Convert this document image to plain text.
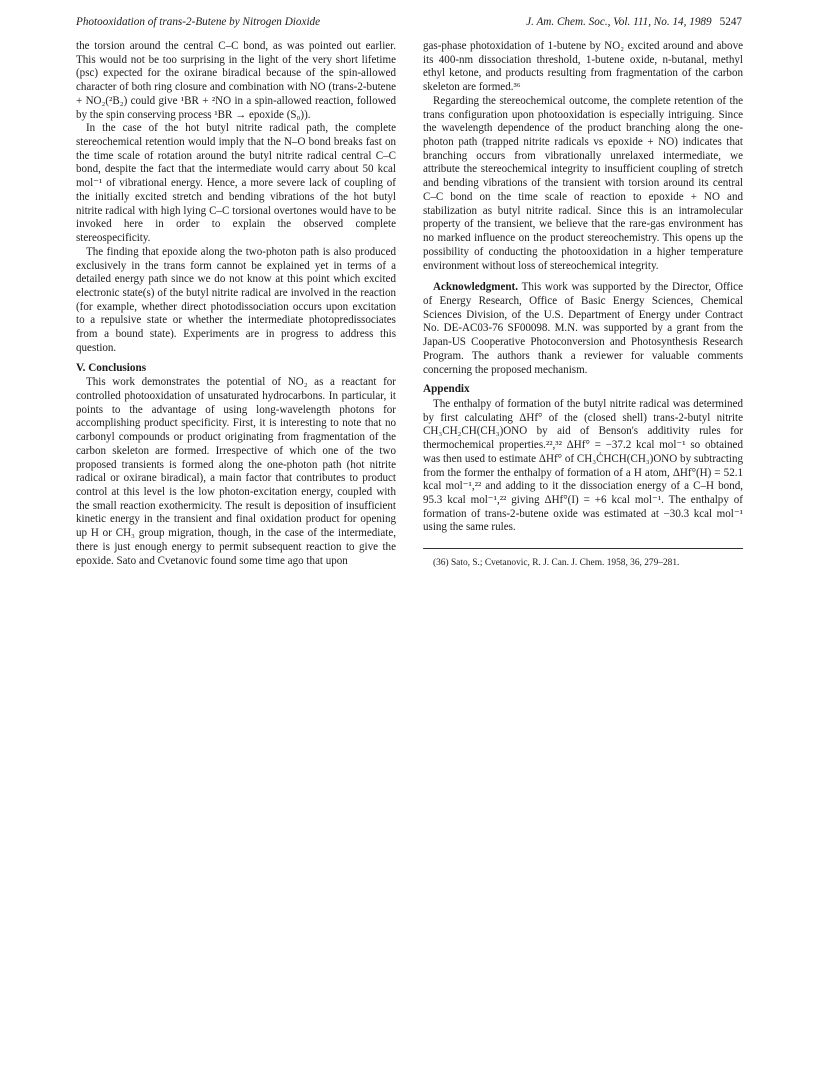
Photooxidation of trans-2-Butene by Nitrogen Dioxide	J. Am. Chem. Soc., Vol. 111, No. 14, 1989 5247

the torsion around the central C–C bond, as was pointed out earlier. This would not be too surprising in the light of the very short lifetime (psc) expected for the oxirane biradical because of the spin-allowed character of both ring closure and combination with NO (trans-2-butene + NO₂(²B₂) could give ¹BR + ²NO in a spin-allowed reaction, followed by the spin conserving process ¹BR → epoxide (S₀)).

In the case of the hot butyl nitrite radical path, the complete stereochemical retention would imply that the N–O bond breaks fast on the time scale of rotation around the butyl nitrite radical central C–C bond, despite the fact that the intermediate would carry about 50 kcal mol⁻¹ of vibrational energy. Hence, a more severe lack of coupling of the initially excited stretch and bending vibrations of the hot butyl nitrite radical with high lying C–C torsional overtones would have to be invoked here in order to explain the observed complete stereospecificity.

The finding that epoxide along the two-photon path is also produced exclusively in the trans form cannot be explained yet in terms of a detailed energy path since we do not know at this point which excited electronic state(s) of the butyl nitrite radical are involved in the reaction (for example, whether direct photodissociation occurs upon excitation to a repulsive state or whether the intermediate photopredissociates from a bound state). Experiments are in progress to address this question.

V. Conclusions

This work demonstrates the potential of NO₂ as a reactant for controlled photooxidation of unsaturated hydrocarbons. In particular, it points to the advantage of using long-wavelength photons for accomplishing product specificity. First, it is interesting to note that no carbonyl compounds or product originating from fragmentation of the carbon skeleton are formed. Irrespective of which one of the two proposed transients is formed along the one-photon path (hot nitrite radical or oxirane biradical), a main factor that contributes to product control at this level is the low photon-excitation energy, coupled with the small reaction exothermicity. The result is deposition of insufficient kinetic energy in the transient and final oxidation product for opening up H or CH₃ group migration, though, in the case of the intermediate, there is just enough energy to permit subsequent reaction to give the epoxide. Sato and Cvetanovic found some time ago that upon

gas-phase photoxidation of 1-butene by NO₂ excited around and above its 400-nm dissociation threshold, 1-butene oxide, n-butanal, methyl ethyl ketone, and products resulting from fragmentation of the carbon skeleton are formed.³⁶

Regarding the stereochemical outcome, the complete retention of the trans configuration upon photooxidation is especially intriguing. Since the wavelength dependence of the product branching along the one-photon path (trapped nitrite radicals vs epoxide + NO) indicates that branching occurs from vibrationally unrelaxed intermediate, we attribute the stereochemical integrity to insufficient coupling of stretch and bending vibrations of the transient with torsion around its central C–C bond on the time scale of reaction to epoxide + NO and stabilization as butyl nitrite radical. Since this is an intramolecular property of the transient, we believe that the rare-gas environment has no marked influence on the product stereochemistry. This opens up the possibility of conducting the photooxidation in a higher temperature environment without loss of stereochemical integrity.

Acknowledgment. This work was supported by the Director, Office of Energy Research, Office of Basic Energy Sciences, Chemical Sciences Division, of the U.S. Department of Energy under Contract No. DE-AC03-76 SF00098. M.N. was supported by a grant from the Japan-US Cooperative Photoconversion and Photosynthesis Research Program. The authors thank a reviewer for valuable comments concerning the proposed mechanism.

Appendix

The enthalpy of formation of the butyl nitrite radical was determined by first calculating ΔHf° of the (closed shell) trans-2-butyl nitrite CH₃CH₂CH(CH₃)ONO by aid of Benson's additivity rules for thermochemical properties.²²,³² ΔHf° = −37.2 kcal mol⁻¹ so obtained was then used to estimate ΔHf° of CH₃ĊHCH(CH₃)ONO by subtracting from the former the enthalpy of formation of a H atom, ΔHf°(H) = 52.1 kcal mol⁻¹,²² and adding to it the dissociation energy of a C–H bond, 95.3 kcal mol⁻¹,²² giving ΔHf°(I) = +6 kcal mol⁻¹. The enthalpy of formation of trans-2-butene oxide was estimated at −30.3 kcal mol⁻¹ using the same rules.

(36) Sato, S.; Cvetanovic, R. J. Can. J. Chem. 1958, 36, 279–281.
